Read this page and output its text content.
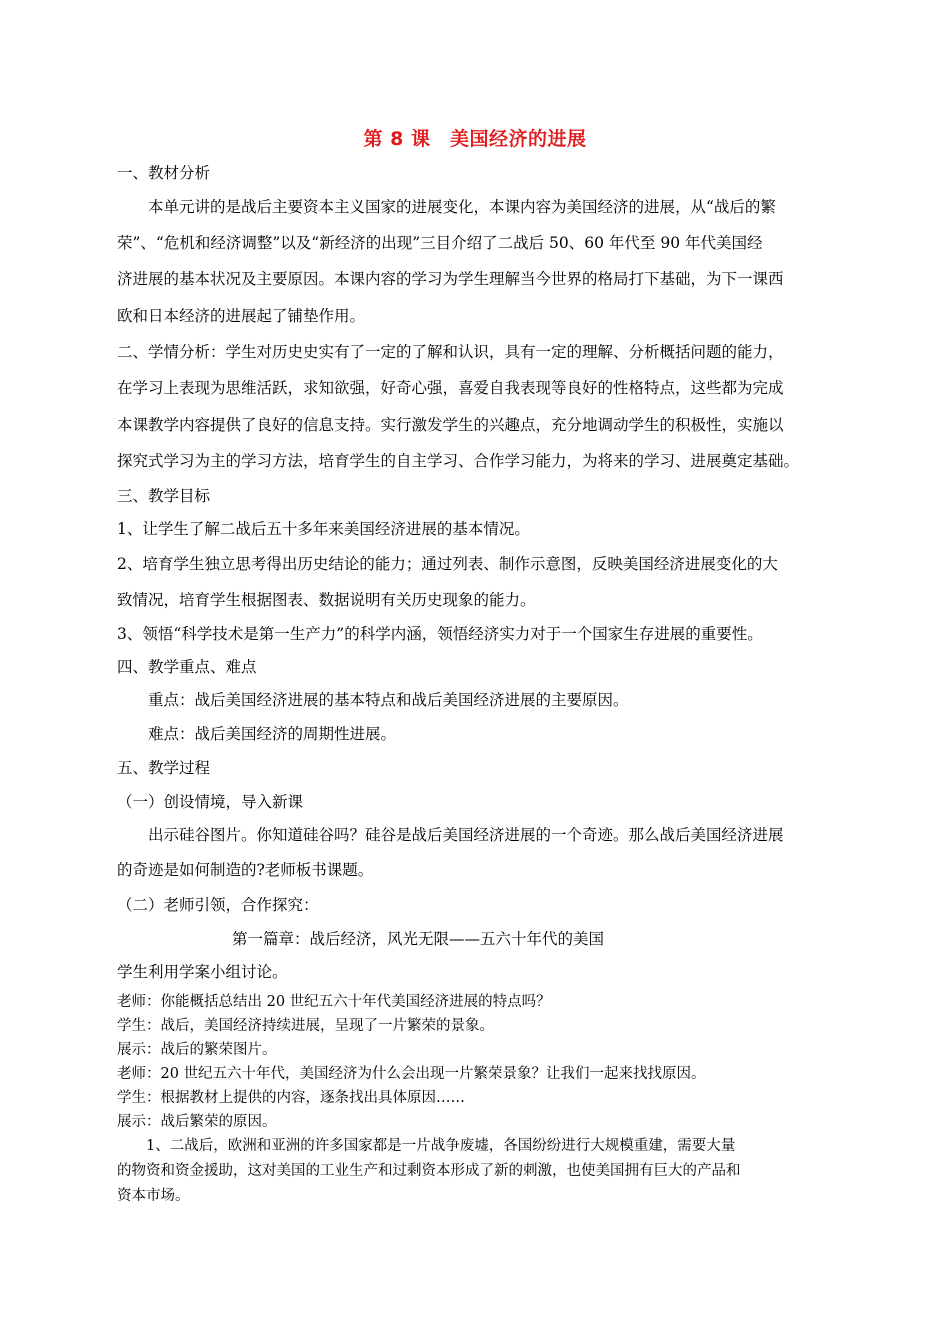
第 8 课　美国经济的进展
一、教材分析
本单元讲的是战后主要资本主义国家的进展变化，本课内容为美国经济的进展，从“战后的繁
荣”、“危机和经济调整”以及“新经济的出现”三目介绍了二战后 50、60 年代至 90 年代美国经
济进展的基本状况及主要原因。本课内容的学习为学生理解当今世界的格局打下基础，为下一课西
欧和日本经济的进展起了铺垫作用。
二、学情分析：学生对历史史实有了一定的了解和认识，具有一定的理解、分析概括问题的能力，
在学习上表现为思维活跃，求知欲强，好奇心强，喜爱自我表现等良好的性格特点，这些都为完成
本课教学内容提供了良好的信息支持。实行激发学生的兴趣点，充分地调动学生的积极性，实施以
探究式学习为主的学习方法，培育学生的自主学习、合作学习能力，为将来的学习、进展奠定基础。
三、教学目标
1、让学生了解二战后五十多年来美国经济进展的基本情况。
2、培育学生独立思考得出历史结论的能力；通过列表、制作示意图，反映美国经济进展变化的大
致情况，培育学生根据图表、数据说明有关历史现象的能力。
3、领悟“科学技术是第一生产力”的科学内涵，领悟经济实力对于一个国家生存进展的重要性。
四、教学重点、难点
重点：战后美国经济进展的基本特点和战后美国经济进展的主要原因。
难点：战后美国经济的周期性进展。
五、教学过程
（一）创设情境，导入新课
出示硅谷图片。你知道硅谷吗？硅谷是战后美国经济进展的一个奇迹。那么战后美国经济进展
的奇迹是如何制造的?老师板书课题。
（二）老师引领，合作探究：
第一篇章：战后经济，风光无限——五六十年代的美国
学生利用学案小组讨论。
老师：你能概括总结出 20 世纪五六十年代美国经济进展的特点吗？
学生：战后，美国经济持续进展，呈现了一片繁荣的景象。
展示：战后的繁荣图片。
老师：20 世纪五六十年代，美国经济为什么会出现一片繁荣景象？让我们一起来找找原因。
学生：根据教材上提供的内容，逐条找出具体原因……
展示：战后繁荣的原因。
1、二战后，欧洲和亚洲的许多国家都是一片战争废墟，各国纷纷进行大规模重建，需要大量
的物资和资金援助，这对美国的工业生产和过剩资本形成了新的刺激，也使美国拥有巨大的产品和
资本市场。
